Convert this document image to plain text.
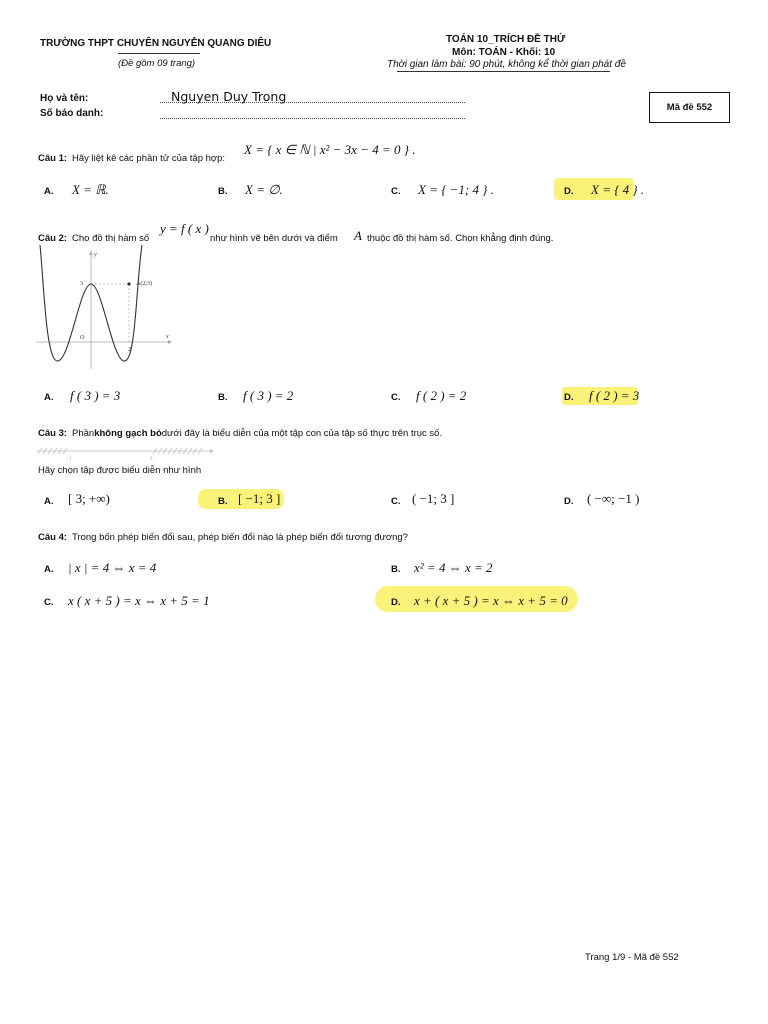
TRƯỜNG THPT CHUYÊN NGUYỄN QUANG DIÊU
(Đề gồm 09 trang)
TOÁN 10_TRÍCH ĐỀ THỨ
Môn: TOÁN - Khối: 10
Thời gian làm bài: 90 phút, không kể thời gian phát đề
Họ và tên:	Nguyen Duy Trong
Số báo danh:
Mã đề 552
Câu 1: Hãy liệt kê các phần tử của tập hợp:
X = { x ∈ ℕ | x² − 3x − 4 = 0 } .
A. X = ℝ.	B. X = ∅.	C. X = { −1; 4 } .	D. X = { 4 } .
Câu 2: Cho đồ thị hàm số
y = f ( x )
như hình vẽ bên dưới và điểm A thuộc đồ thị hàm số. Chọn khẳng định đúng.
y
x
O
3
2
A(2;3)
A. f ( 3 ) = 3	B. f ( 3 ) = 2	C. f ( 2 ) = 2	D. f ( 2 ) = 3
Câu 3: Phầnkhông gạch bỏdưới đây là biểu diễn của một tập con của tập số thực trên trục số.
−1	3
Hãy chọn tập được biểu diễn như hình
A. [ 3; +∞)	B. [ −1; 3 ]	C. ( −1; 3 ]	D. ( −∞; −1 )
Câu 4: Trong bốn phép biến đổi sau, phép biến đổi nào là phép biến đổi tương đương?
A. | x | = 4 ⇔ x = 4	B. x² = 4 ⇔ x = 2
C. x ( x + 5 ) = x ⇔ x + 5 = 1	D. x + ( x + 5 ) = x ⇔ x + 5 = 0
Trang 1/9 - Mã đề 552
